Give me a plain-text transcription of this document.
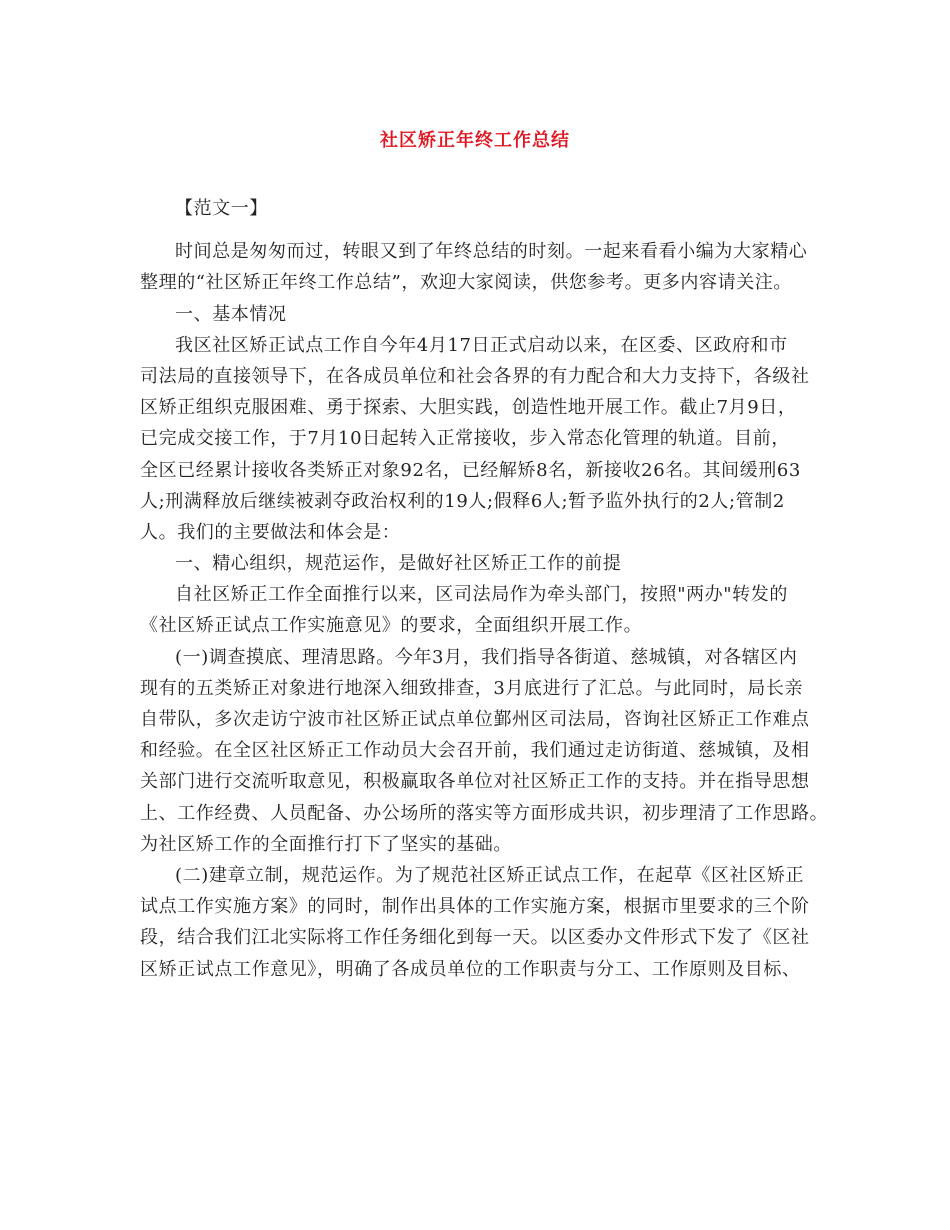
社区矫正年终工作总结
【范文一】
时间总是匆匆而过，转眼又到了年终总结的时刻。一起来看看小编为大家精心
整理的“社区矫正年终工作总结”，欢迎大家阅读，供您参考。更多内容请关注。
一、基本情况
我区社区矫正试点工作自今年4月17日正式启动以来，在区委、区政府和市
司法局的直接领导下，在各成员单位和社会各界的有力配合和大力支持下，各级社
区矫正组织克服困难、勇于探索、大胆实践，创造性地开展工作。截止7月9日，
已完成交接工作，于7月10日起转入正常接收，步入常态化管理的轨道。目前，
全区已经累计接收各类矫正对象92名，已经解矫8名，新接收26名。其间缓刑63
人;刑满释放后继续被剥夺政治权利的19人;假释6人;暂予监外执行的2人;管制2
人。我们的主要做法和体会是：
一、精心组织，规范运作，是做好社区矫正工作的前提
自社区矫正工作全面推行以来，区司法局作为牵头部门，按照"两办"转发的
《社区矫正试点工作实施意见》的要求，全面组织开展工作。
(一)调查摸底、理清思路。今年3月，我们指导各街道、慈城镇，对各辖区内
现有的五类矫正对象进行地深入细致排查，3月底进行了汇总。与此同时，局长亲
自带队，多次走访宁波市社区矫正试点单位鄞州区司法局，咨询社区矫正工作难点
和经验。在全区社区矫正工作动员大会召开前，我们通过走访街道、慈城镇，及相
关部门进行交流听取意见，积极赢取各单位对社区矫正工作的支持。并在指导思想
上、工作经费、人员配备、办公场所的落实等方面形成共识，初步理清了工作思路。
为社区矫工作的全面推行打下了坚实的基础。
(二)建章立制，规范运作。为了规范社区矫正试点工作，在起草《区社区矫正
试点工作实施方案》的同时，制作出具体的工作实施方案，根据市里要求的三个阶
段，结合我们江北实际将工作任务细化到每一天。以区委办文件形式下发了《区社
区矫正试点工作意见》，明确了各成员单位的工作职责与分工、工作原则及目标、
